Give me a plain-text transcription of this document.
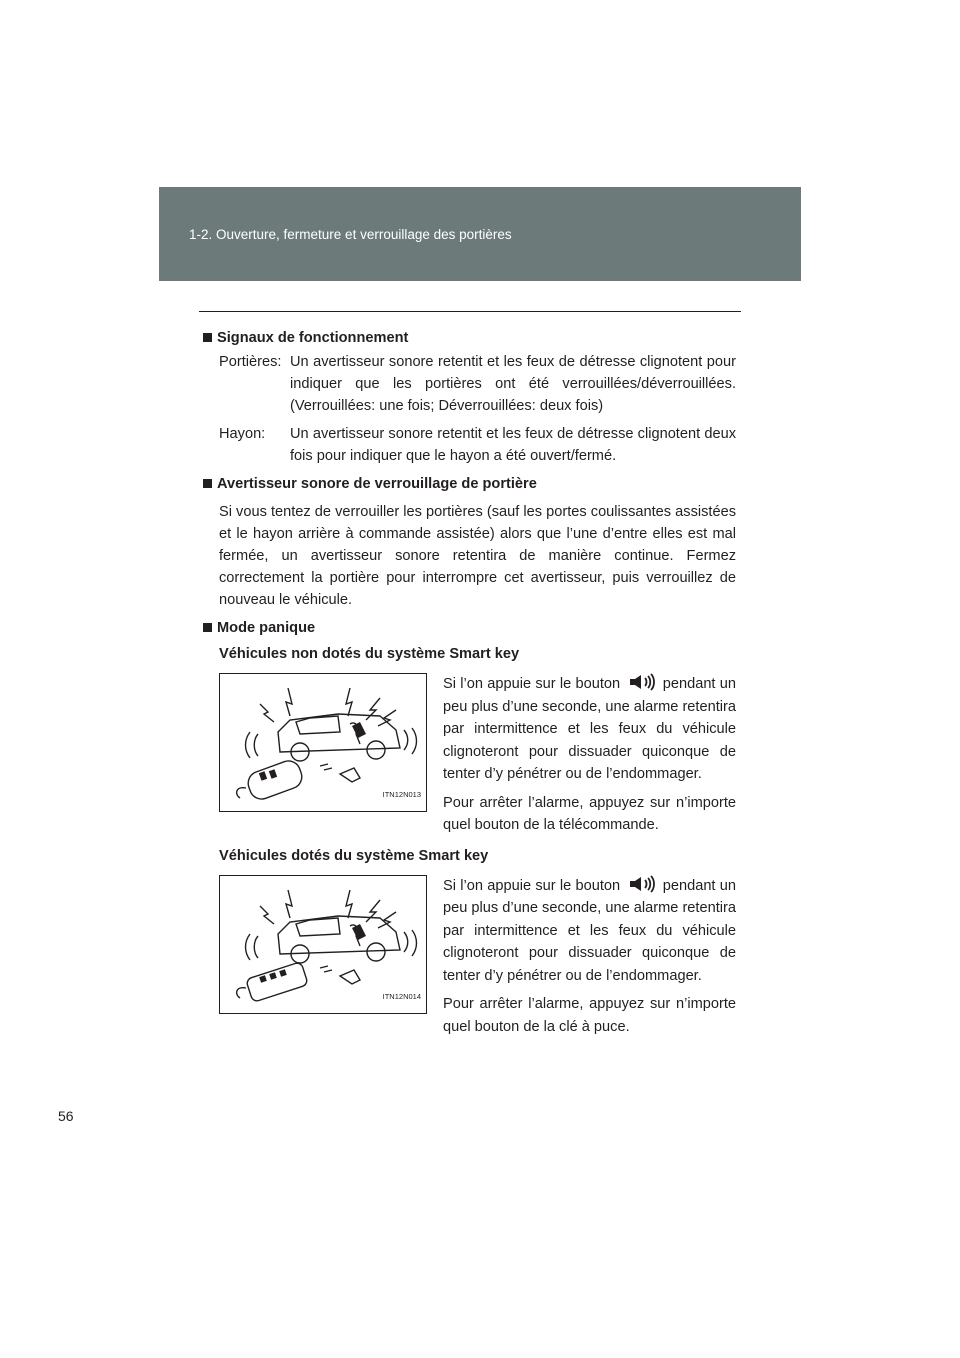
1-2. Ouverture, fermeture et verrouillage des portières
Signaux de fonctionnement
Portières: Un avertisseur sonore retentit et les feux de détresse clignotent pour indiquer que les portières ont été verrouillées/déverrouillées. (Verrouillées: une fois; Déverrouillées: deux fois)
Hayon:	Un avertisseur sonore retentit et les feux de détresse clignotent deux fois pour indiquer que le hayon a été ouvert/fermé.
Avertisseur sonore de verrouillage de portière
Si vous tentez de verrouiller les portières (sauf les portes coulissantes assistées et le hayon arrière à commande assistée) alors que l’une d’entre elles est mal fermée, un avertisseur sonore retentira de manière continue. Fermez correctement la portière pour interrompre cet avertisseur, puis verrouillez de nouveau le véhicule.
Mode panique
Véhicules non dotés du système Smart key
ITN12N013

Si l’on appuie sur le bouton	pendant un peu plus d’une seconde, une alarme retentira par intermittence et les feux du véhicule clignoteront pour dissuader quiconque de tenter d’y pénétrer ou de l’endommager.

Pour arrêter l’alarme, appuyez sur n’importe quel bouton de la télécommande.

Véhicules dotés du système Smart key
ITN12N014

Si l’on appuie sur le bouton	pendant un peu plus d’une seconde, une alarme retentira par intermittence et les feux du véhicule clignoteront pour dissuader quiconque de tenter d’y pénétrer ou de l’endommager.

Pour arrêter l’alarme, appuyez sur n’importe quel bouton de la clé à puce.

56
